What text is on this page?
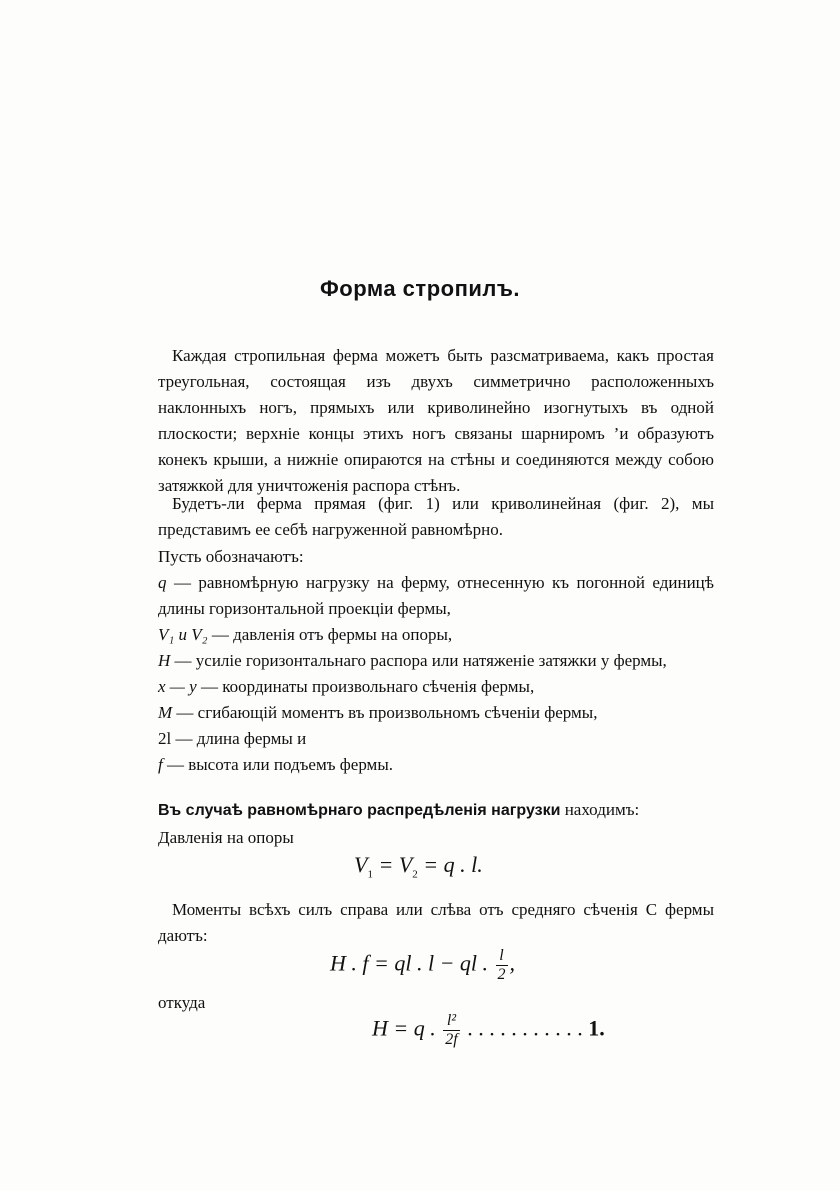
Форма стропилъ.

Каждая стропильная ферма можетъ быть разсматриваема, какъ простая треугольная, состоящая изъ двухъ симметрично расположенныхъ наклонныхъ ногъ, прямыхъ или криволинейно изогнутыхъ въ одной плоскости; верхнiе концы этихъ ногъ связаны шарниромъ ’и образуютъ конекъ крыши, а нижнiе опираются на стѣны и соединяются между собою затяжкой для уничтоженiя распора стѣнъ.

Будетъ-ли ферма прямая (фиг. 1) или криволинейная (фиг. 2), мы представимъ ее себѣ нагруженной равномѣрно.

Пусть обозначаютъ:

q — равномѣрную нагрузку на ферму, отнесенную къ погонной единицѣ длины горизонтальной проекцiи фермы,
V₁ и V₂
— давленiя отъ фермы на опоры,
H
— усилiе горизонтальнаго распора или натяженiе затяжки у фермы,
x — y
— координаты произвольнаго сѣченiя фермы,
M
— сгибающiй моментъ въ произвольномъ сѣченiи фермы,
2l
— длина фермы и
f
— высота или подъемъ фермы.
Въ случаѣ равномѣрнаго распредѣленiя нагрузки находимъ:

Давленiя на опоры

$V_1 = V_2 = q$ . l.

Моменты всѣхъ силъ справа или слѣва отъ средняго сѣченiя C фермы даютъ:

H . f = ql . l − ql . $\frac{l}{2}$ ,

откуда

H = q . $\frac{\text{l²}}{2f}$ . . . . . . . . . . . 1.
